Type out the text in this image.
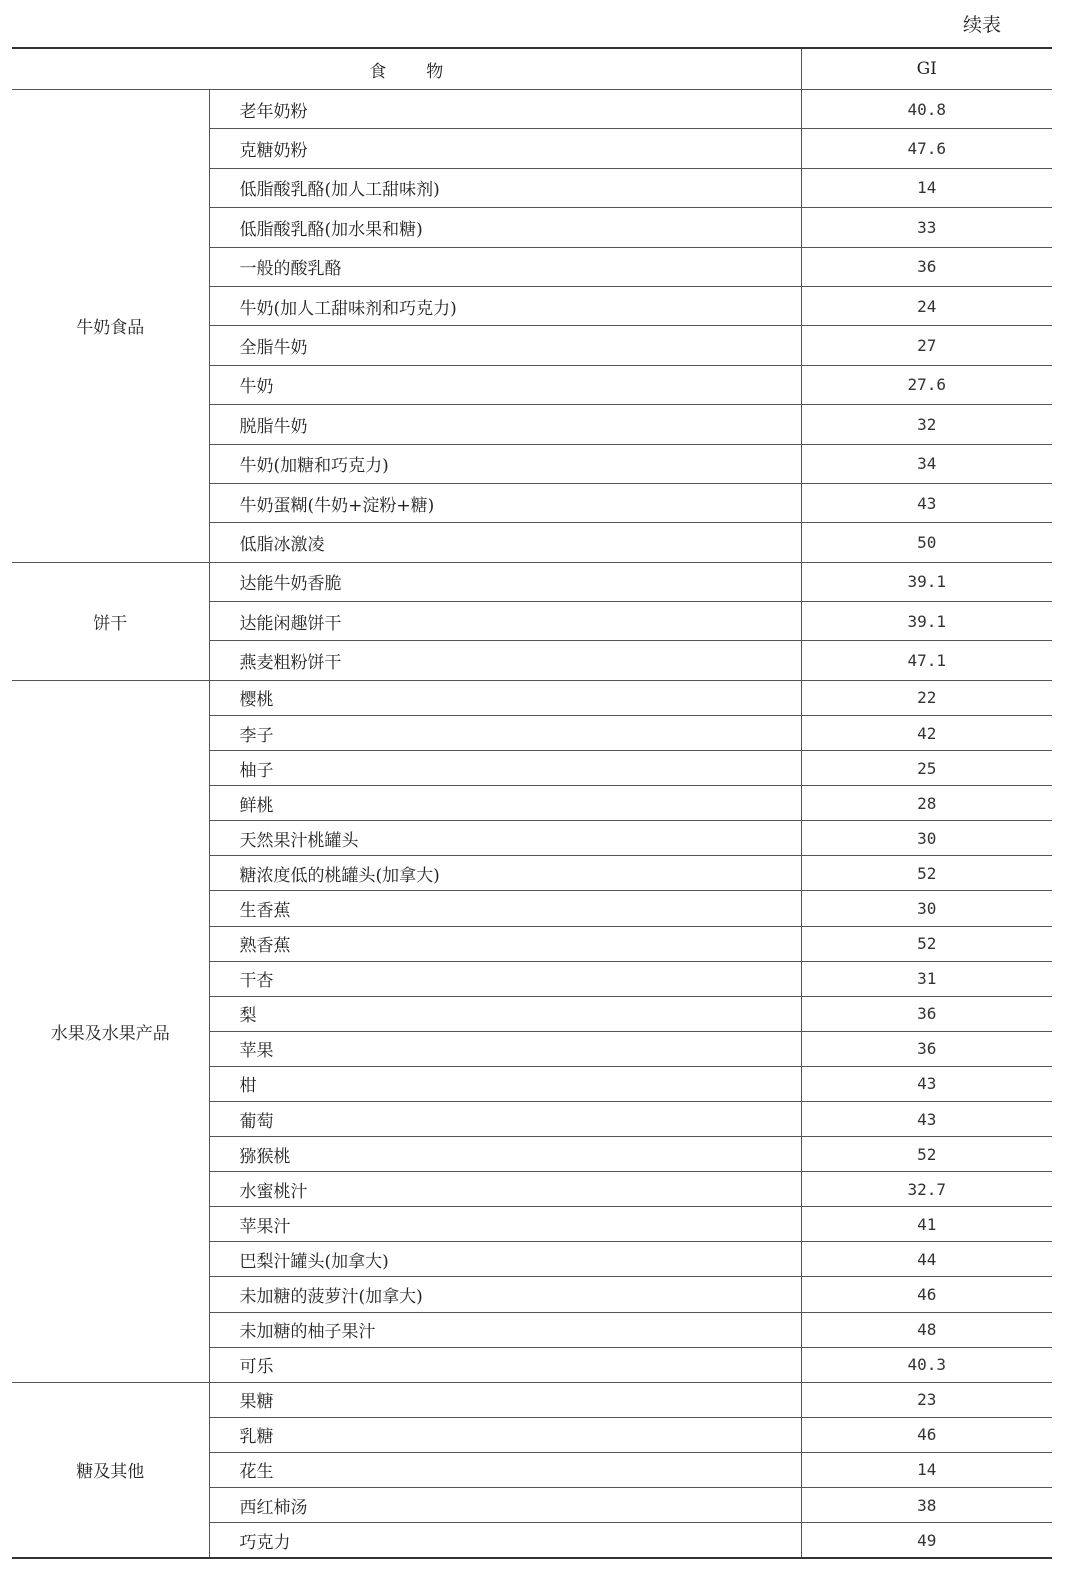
续表
食物		GI
牛奶食品	老年奶粉	40.8
	克糖奶粉	47.6
	低脂酸乳酪(加人工甜味剂)	14
	低脂酸乳酪(加水果和糖)	33
	一般的酸乳酪	36
	牛奶(加人工甜味剂和巧克力)	24
	全脂牛奶	27
	牛奶	27.6
	脱脂牛奶	32
	牛奶(加糖和巧克力)	34
	牛奶蛋糊(牛奶+淀粉+糖)	43
	低脂冰激凌	50
饼干	达能牛奶香脆	39.1
	达能闲趣饼干	39.1
	燕麦粗粉饼干	47.1
水果及水果产品	樱桃	22
	李子	42
	柚子	25
	鲜桃	28
	天然果汁桃罐头	30
	糖浓度低的桃罐头(加拿大)	52
	生香蕉	30
	熟香蕉	52
	干杏	31
	梨	36
	苹果	36
	柑	43
	葡萄	43
	猕猴桃	52
	水蜜桃汁	32.7
	苹果汁	41
	巴梨汁罐头(加拿大)	44
	未加糖的菠萝汁(加拿大)	46
	未加糖的柚子果汁	48
	可乐	40.3
糖及其他	果糖	23
	乳糖	46
	花生	14
	西红柿汤	38
	巧克力	49
